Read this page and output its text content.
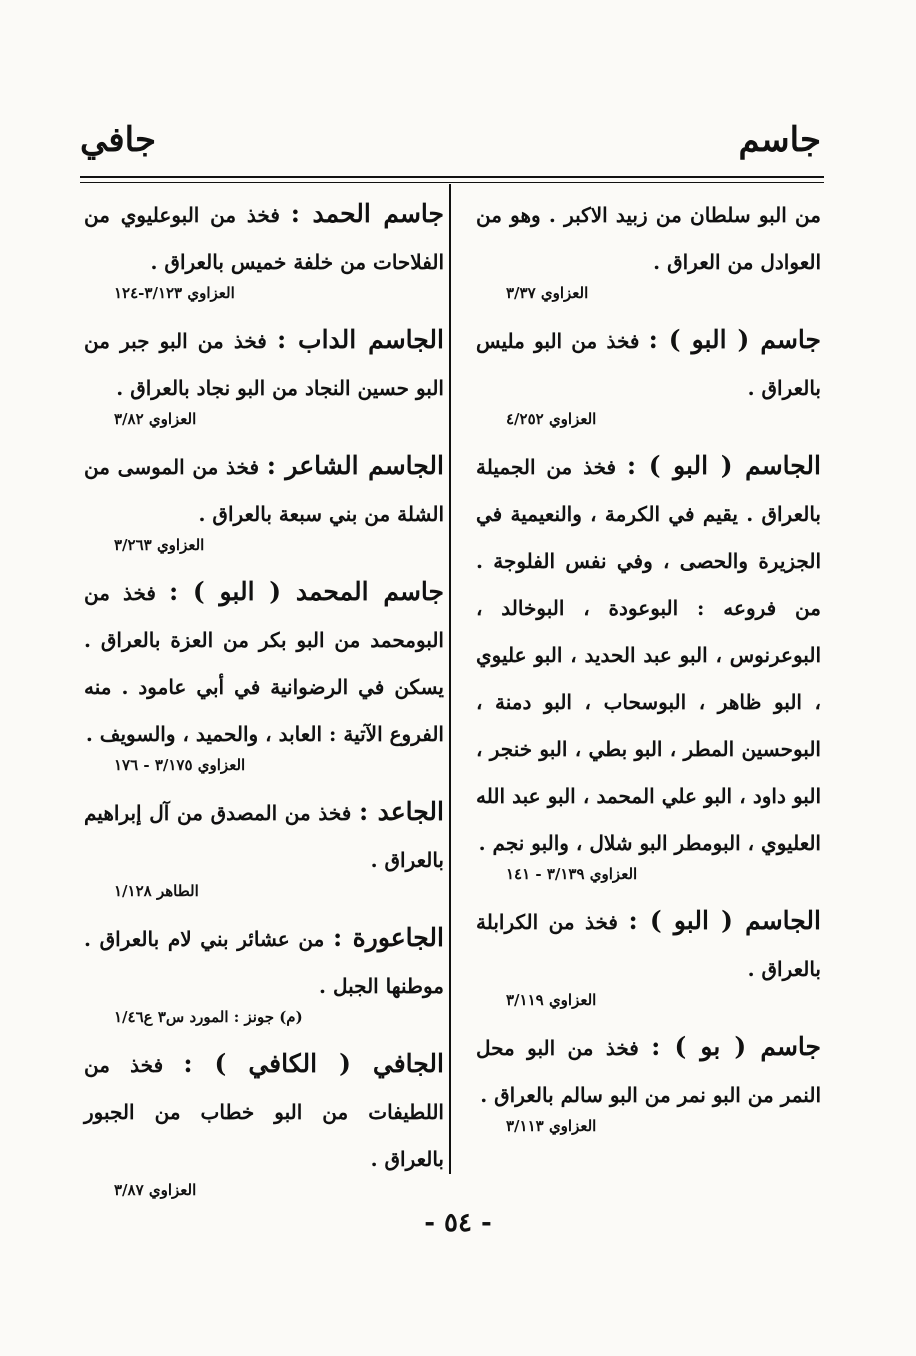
جاسم
جافي
من البو سلطان من زبيد الاكبر . وهو من العوادل من العراق .
العزاوي ٣/٣٧
جاسم ( البو ) : فخذ من البو مليس بالعراق .
العزاوي ٤/٢٥٢
الجاسم ( البو ) : فخذ من الجميلة بالعراق . يقيم في الكرمة ، والنعيمية في الجزيرة والحصى ، وفي نفس الفلوجة . من فروعه : البوعودة ، البوخالد ، البوعرنوس ، البو عبد الحديد ، البو عليوي ، البو ظاهر ، البوسحاب ، البو دمنة ، البوحسين المطر ، البو بطي ، البو خنجر ، البو داود ، البو علي المحمد ، البو عبد الله العليوي ، البومطر البو شلال ، والبو نجم .
العزاوي ٣/١٣٩ - ١٤١
الجاسم ( البو ) : فخذ من الكرابلة بالعراق .
العزاوي ٣/١١٩
جاسم ( بو ) : فخذ من البو محل النمر من البو نمر من البو سالم بالعراق .
العزاوي ٣/١١٣
جاسم الحمد : فخذ من البوعليوي من الفلاحات من خلفة خميس بالعراق .
العزاوي ٣/١٢٣-١٢٤
الجاسم الداب : فخذ من البو جبر من البو حسين النجاد من البو نجاد بالعراق .
العزاوي ٣/٨٢
الجاسم الشاعر : فخذ من الموسى من الشلة من بني سبعة بالعراق .
العزاوي ٣/٢٦٣
جاسم المحمد ( البو ) : فخذ من البومحمد من البو بكر من العزة بالعراق . يسكن في الرضوانية في أبي عامود . منه الفروع الآتية : العابد ، والحميد ، والسويف .
العزاوي ٣/١٧٥ - ١٧٦
الجاعد : فخذ من المصدق من آل إبراهيم بالعراق .
الطاهر ١/١٢٨
الجاعورة : من عشائر بني لام بالعراق . موطنها الجبل .
(م) جونز : المورد س٣ ع١/٤٦
الجافي ( الكافي ) : فخذ من اللطيفات من البو خطاب من الجبور بالعراق .
العزاوي ٣/٨٧
- ٥٤ -
